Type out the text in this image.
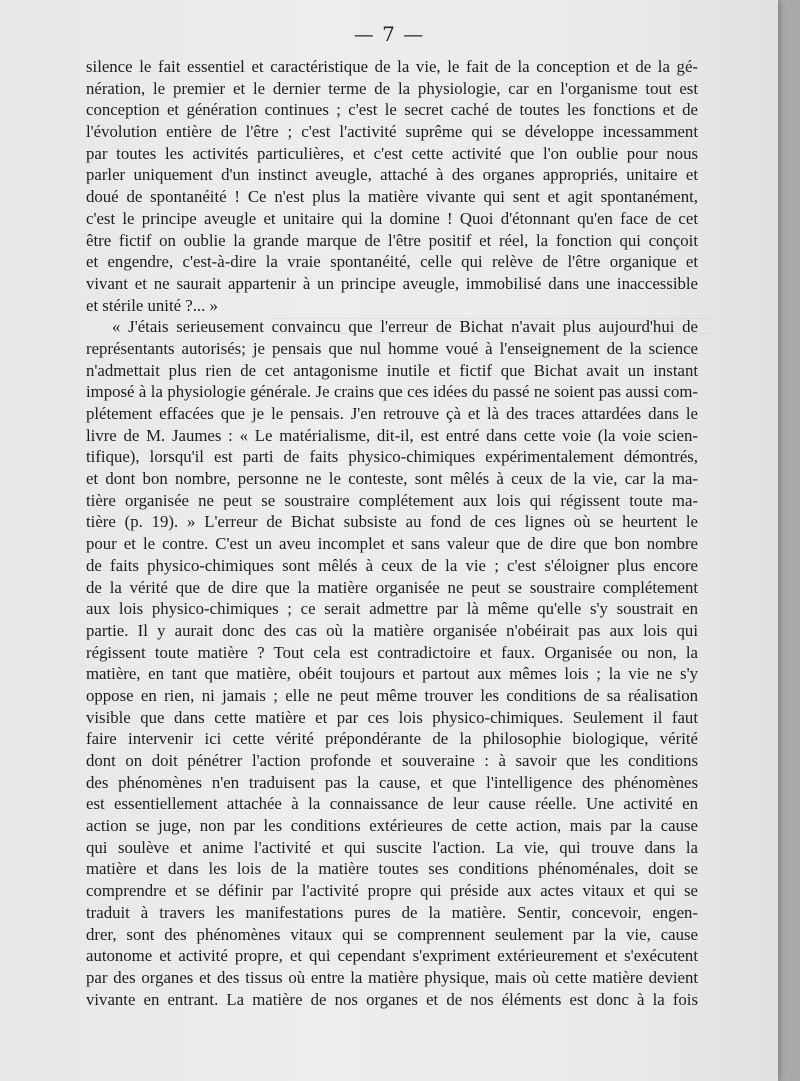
— 7 —
silence le fait essentiel et caractéristique de la vie, le fait de la conception et de la gé-
nération, le premier et le dernier terme de la physiologie, car en l'organisme tout est
conception et génération continues ; c'est le secret caché de toutes les fonctions et de
l'évolution entière de l'être ; c'est l'activité suprême qui se développe incessamment
par toutes les activités particulières, et c'est cette activité que l'on oublie pour nous
parler uniquement d'un instinct aveugle, attaché à des organes appropriés, unitaire et
doué de spontanéité ! Ce n'est plus la matière vivante qui sent et agit spontanément,
c'est le principe aveugle et unitaire qui la domine ! Quoi d'étonnant qu'en face de cet
être fictif on oublie la grande marque de l'être positif et réel, la fonction qui conçoit
et engendre, c'est-à-dire la vraie spontanéité, celle qui relève de l'être organique et
vivant et ne saurait appartenir à un principe aveugle, immobilisé dans une inaccessible
et stérile unité ?... »
« J'étais serieusement convaincu que l'erreur de Bichat n'avait plus aujourd'hui de
représentants autorisés; je pensais que nul homme voué à l'enseignement de la science
n'admettait plus rien de cet antagonisme inutile et fictif que Bichat avait un instant
imposé à la physiologie générale. Je crains que ces idées du passé ne soient pas aussi com-
plétement effacées que je le pensais. J'en retrouve çà et là des traces attardées dans le
livre de M. Jaumes : « Le matérialisme, dit-il, est entré dans cette voie (la voie scien-
tifique), lorsqu'il est parti de faits physico-chimiques expérimentalement démontrés,
et dont bon nombre, personne ne le conteste, sont mêlés à ceux de la vie, car la ma-
tière organisée ne peut se soustraire complétement aux lois qui régissent toute ma-
tière (p. 19). » L'erreur de Bichat subsiste au fond de ces lignes où se heurtent le
pour et le contre. C'est un aveu incomplet et sans valeur que de dire que bon nombre
de faits physico-chimiques sont mêlés à ceux de la vie ; c'est s'éloigner plus encore
de la vérité que de dire que la matière organisée ne peut se soustraire complétement
aux lois physico-chimiques ; ce serait admettre par là même qu'elle s'y soustrait en
partie. Il y aurait donc des cas où la matière organisée n'obéirait pas aux lois qui
régissent toute matière ? Tout cela est contradictoire et faux. Organisée ou non, la
matière, en tant que matière, obéit toujours et partout aux mêmes lois ; la vie ne s'y
oppose en rien, ni jamais ; elle ne peut même trouver les conditions de sa réalisation
visible que dans cette matière et par ces lois physico-chimiques. Seulement il faut
faire intervenir ici cette vérité prépondérante de la philosophie biologique, vérité
dont on doit pénétrer l'action profonde et souveraine : à savoir que les conditions
des phénomènes n'en traduisent pas la cause, et que l'intelligence des phénomènes
est essentiellement attachée à la connaissance de leur cause réelle. Une activité en
action se juge, non par les conditions extérieures de cette action, mais par la cause
qui soulève et anime l'activité et qui suscite l'action. La vie, qui trouve dans la
matière et dans les lois de la matière toutes ses conditions phénoménales, doit se
comprendre et se définir par l'activité propre qui préside aux actes vitaux et qui se
traduit à travers les manifestations pures de la matière. Sentir, concevoir, engen-
drer, sont des phénomènes vitaux qui se comprennent seulement par la vie, cause
autonome et activité propre, et qui cependant s'expriment extérieurement et s'exécutent
par des organes et des tissus où entre la matière physique, mais où cette matière devient
vivante en entrant. La matière de nos organes et de nos éléments est donc à la fois
